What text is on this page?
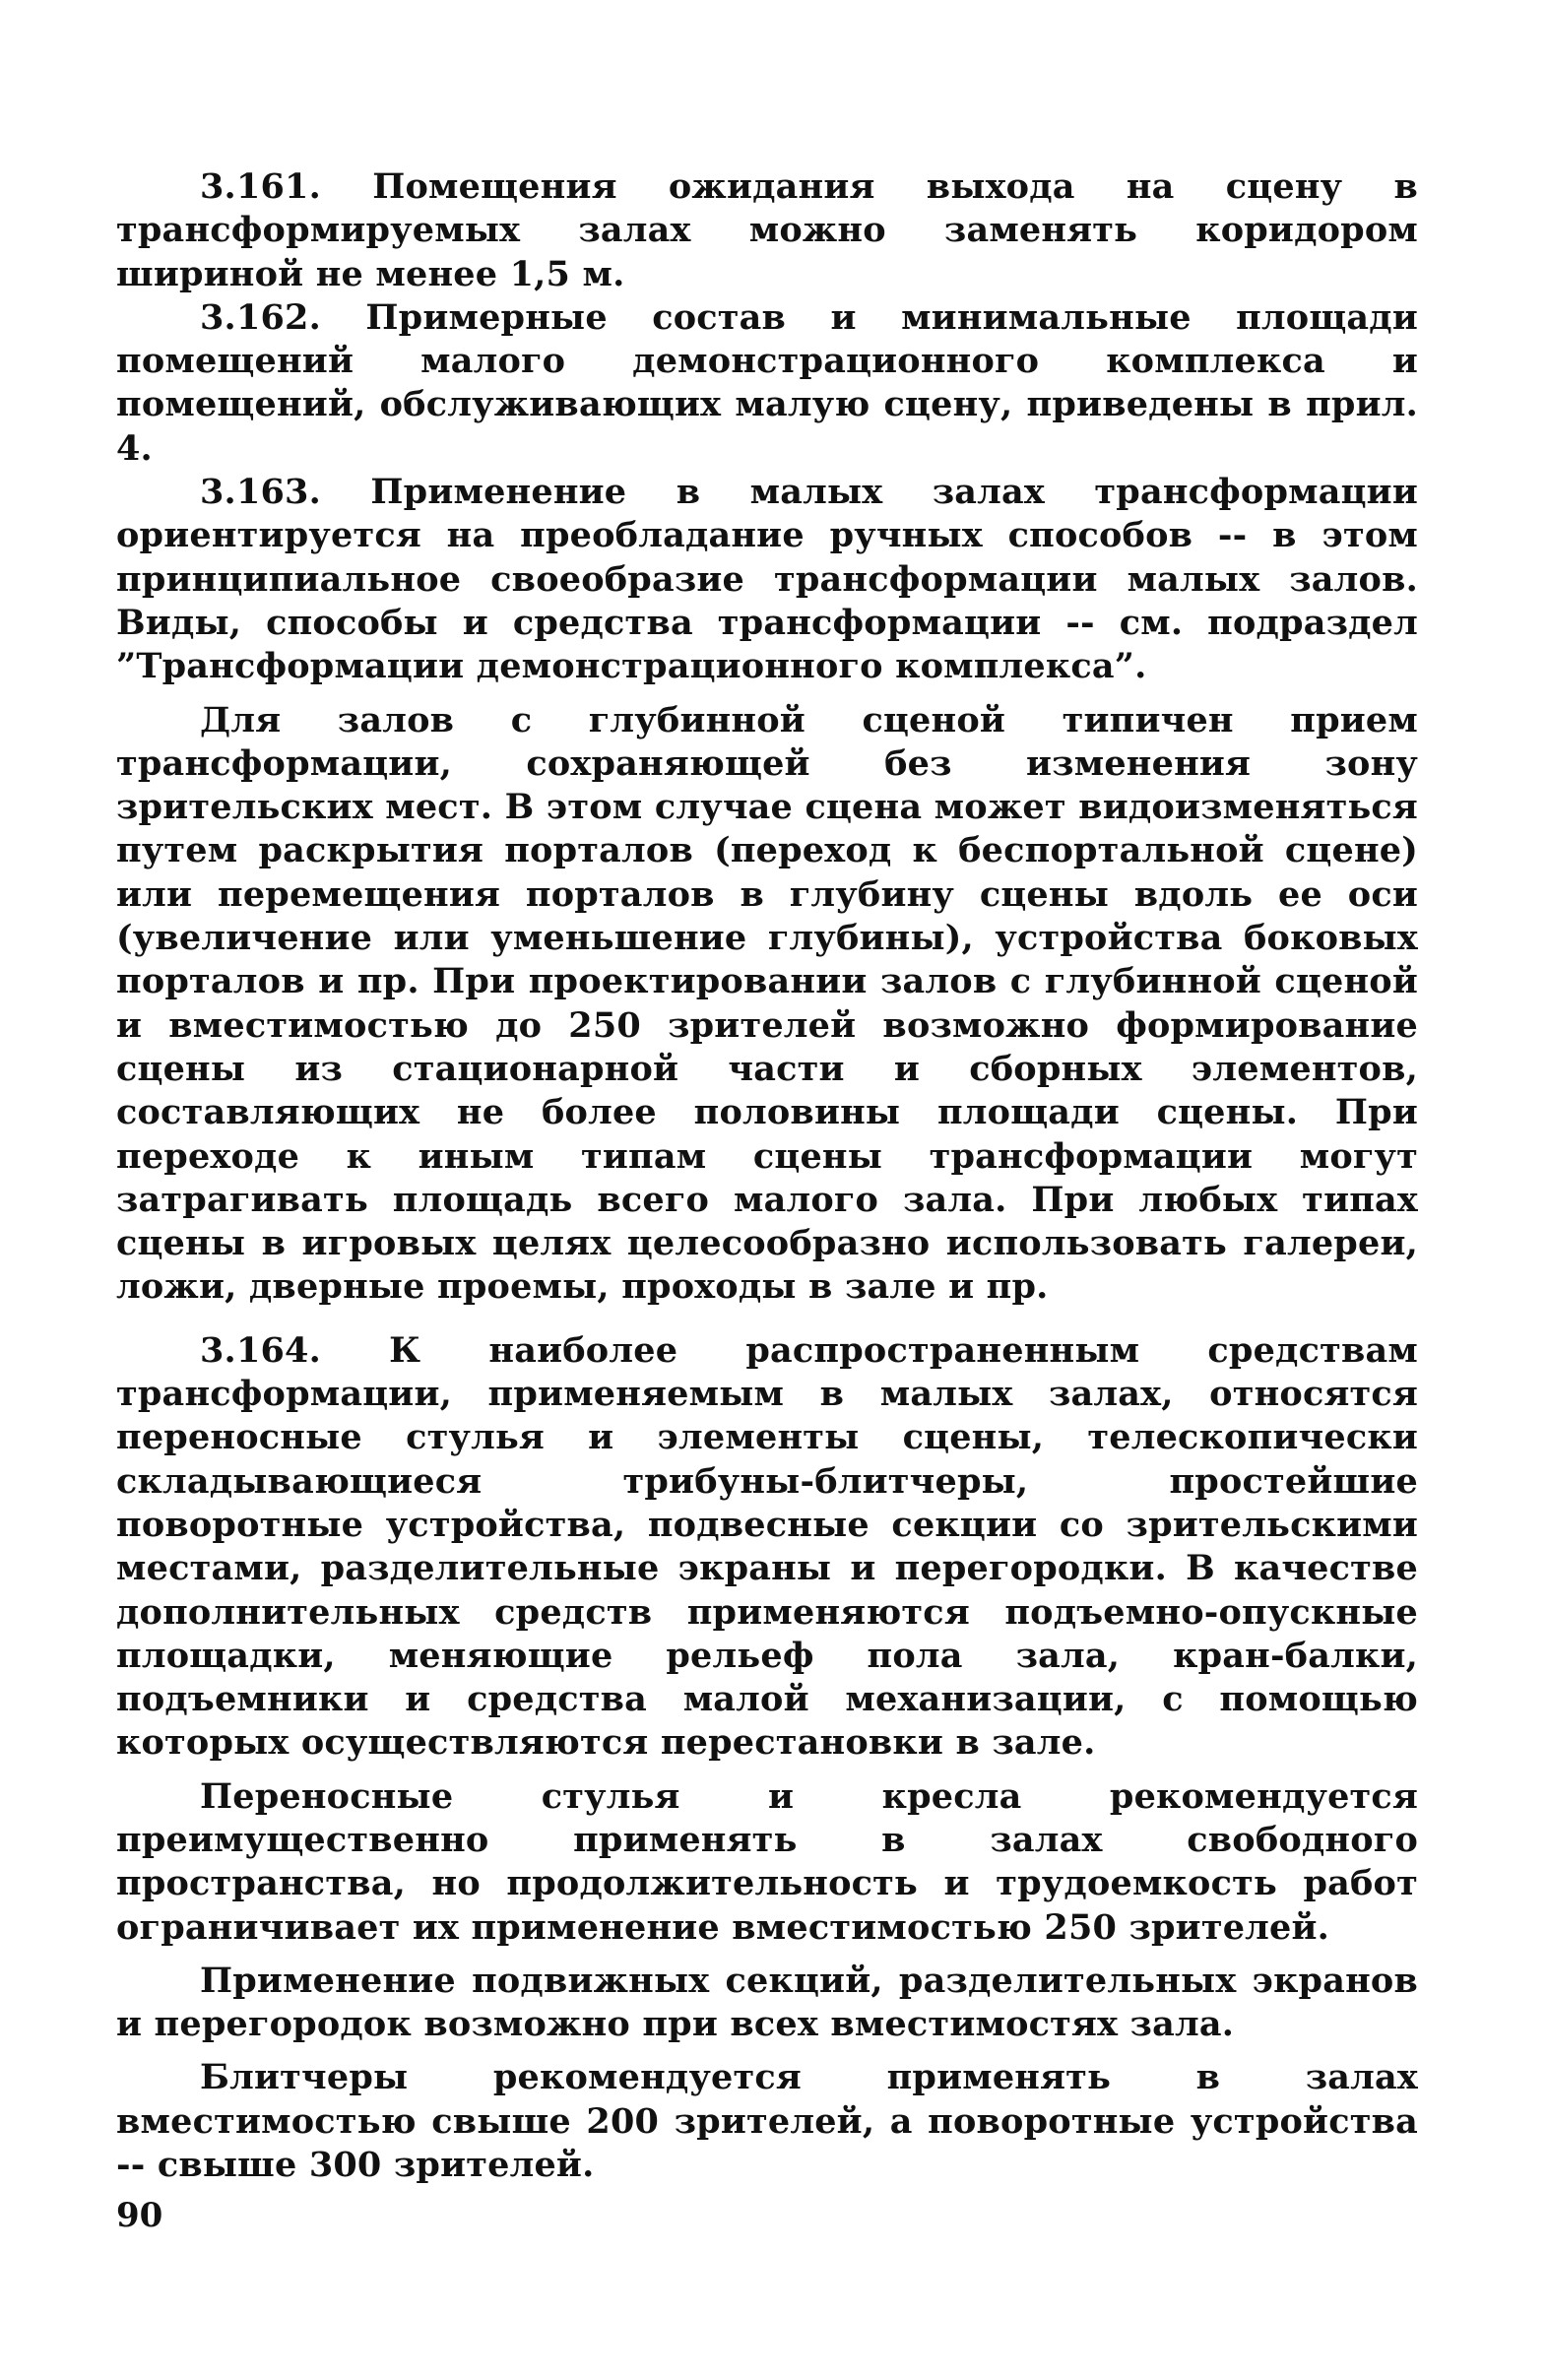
3.161. Помещения ожидания выхода на сцену в трансформируемых залах можно заменять коридором шириной не менее 1,5 м.

3.162. Примерные состав и минимальные площади помещений малого демонстрационного комплекса и помещений, обслуживающих малую сцену, приведены в прил. 4.

3.163. Применение в малых залах трансформации ориентируется на преобладание ручных способов -- в этом принципиальное своеобразие трансформации малых залов. Виды, способы и средства трансформации -- см. подраздел ”Трансформации демонстрационного комплекса”.

Для залов с глубинной сценой типичен прием трансформации, сохраняющей без изменения зону зрительских мест. В этом случае сцена может видоизменяться путем раскрытия порталов (переход к беспортальной сцене) или перемещения порталов в глубину сцены вдоль ее оси (увеличение или уменьшение глубины), устройства боковых порталов и пр. При проектировании залов с глубинной сценой и вместимостью до 250 зрителей возможно формирование сцены из стационарной части и сборных элементов, составляющих не более половины площади сцены. При переходе к иным типам сцены трансформации могут затрагивать площадь всего малого зала. При любых типах сцены в игровых целях целесообразно использовать галереи, ложи, дверные проемы, проходы в зале и пр.

3.164. К наиболее распространенным средствам трансформации, применяемым в малых залах, относятся переносные стулья и элементы сцены, телескопически складывающиеся трибуны-блитчеры, простейшие поворотные устройства, подвесные секции со зрительскими местами, разделительные экраны и перегородки. В качестве дополнительных средств применяются подъемно-опускные площадки, меняющие рельеф пола зала, кран-балки, подъемники и средства малой механизации, с помощью которых осуществляются перестановки в зале.

Переносные стулья и кресла рекомендуется преимущественно применять в залах свободного пространства, но продолжительность и трудоемкость работ ограничивает их применение вместимостью 250 зрителей.

Применение подвижных секций, разделительных экранов и перегородок возможно при всех вместимостях зала.

Блитчеры рекомендуется применять в залах вместимостью свыше 200 зрителей, а поворотные устройства -- свыше 300 зрителей.

90
